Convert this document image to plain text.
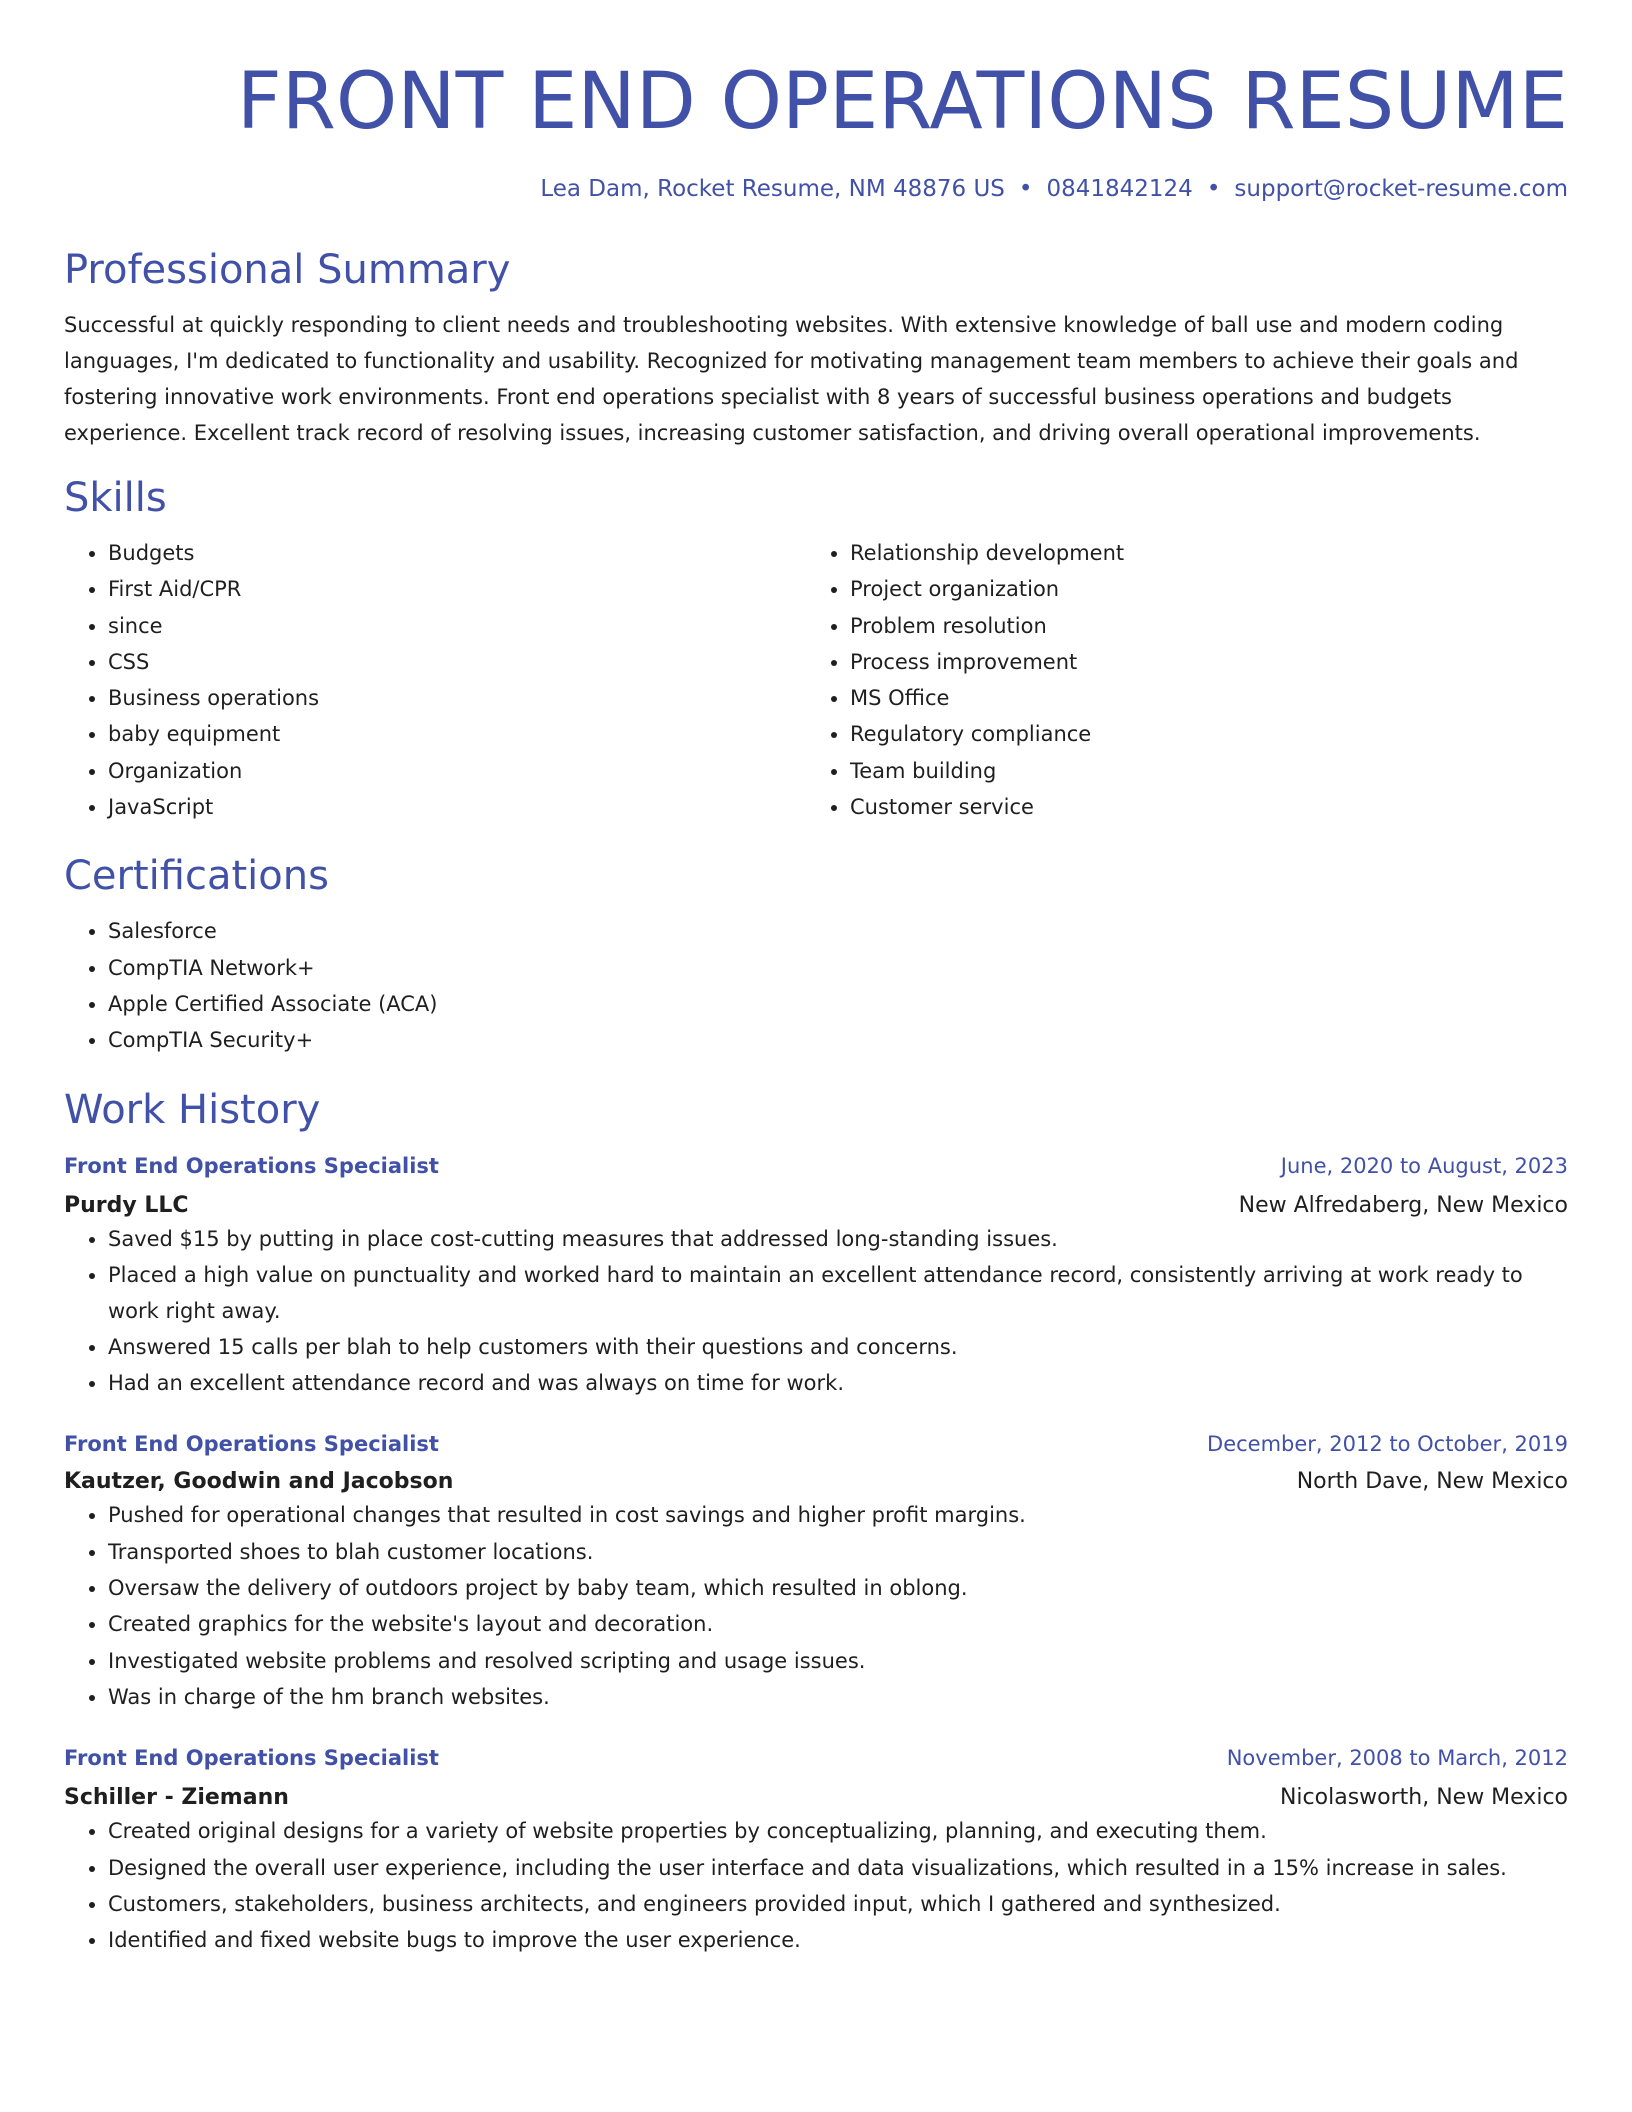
FRONT END OPERATIONS RESUME
Lea Dam, Rocket Resume, NM 48876 US • 0841842124 • support@rocket-resume.com
Professional Summary

Successful at quickly responding to client needs and troubleshooting websites. With extensive knowledge of ball use and modern coding languages, I'm dedicated to functionality and usability. Recognized for motivating management team members to achieve their goals and fostering innovative work environments. Front end operations specialist with 8 years of successful business operations and budgets experience. Excellent track record of resolving issues, increasing customer satisfaction, and driving overall operational improvements.

Skills
• Budgets
• First Aid/CPR
• since
• CSS
• Business operations
• baby equipment
• Organization
• JavaScript
• Relationship development
• Project organization
• Problem resolution
• Process improvement
• MS Office
• Regulatory compliance
• Team building
• Customer service
Certifications
• Salesforce
• CompTIA Network+
• Apple Certified Associate (ACA)
• CompTIA Security+
Work History
Front End Operations Specialist	June, 2020 to August, 2023
Purdy LLC	New Alfredaberg, New Mexico
• Saved $15 by putting in place cost-cutting measures that addressed long-standing issues.
• Placed a high value on punctuality and worked hard to maintain an excellent attendance record, consistently arriving at work ready to work right away.
• Answered 15 calls per blah to help customers with their questions and concerns.
• Had an excellent attendance record and was always on time for work.
Front End Operations Specialist	December, 2012 to October, 2019
Kautzer, Goodwin and Jacobson	North Dave, New Mexico
• Pushed for operational changes that resulted in cost savings and higher profit margins.
• Transported shoes to blah customer locations.
• Oversaw the delivery of outdoors project by baby team, which resulted in oblong.
• Created graphics for the website's layout and decoration.
• Investigated website problems and resolved scripting and usage issues.
• Was in charge of the hm branch websites.
Front End Operations Specialist	November, 2008 to March, 2012
Schiller - Ziemann	Nicolasworth, New Mexico
• Created original designs for a variety of website properties by conceptualizing, planning, and executing them.
• Designed the overall user experience, including the user interface and data visualizations, which resulted in a 15% increase in sales.
• Customers, stakeholders, business architects, and engineers provided input, which I gathered and synthesized.
• Identified and fixed website bugs to improve the user experience.
